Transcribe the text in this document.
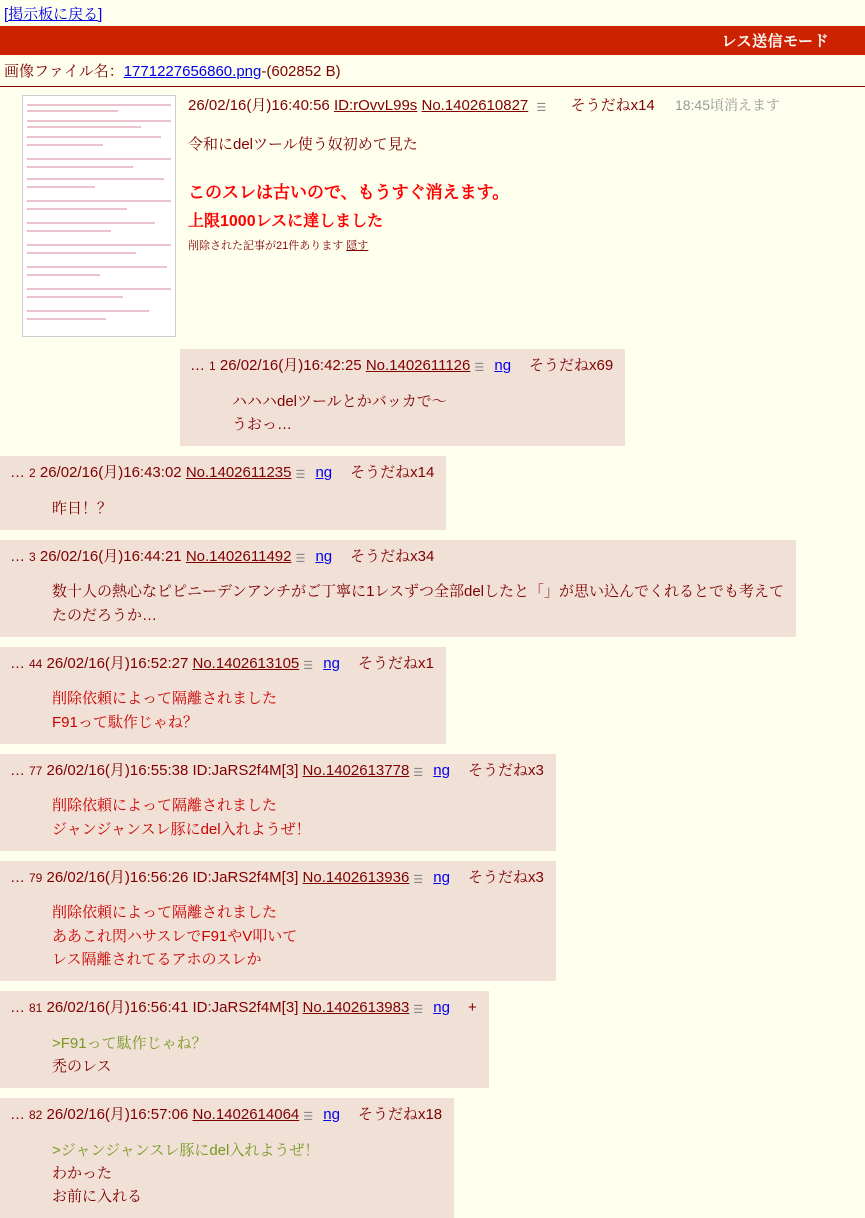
[掲示板に戻る]
レス送信モード
画像ファイル名：1771227656860.png-(602852 B)
26/02/16(月)16:40:56 ID:rOvvL99s No.1402610827 ☰ そうだねx14 18:45頃消えます
令和にdelツール使う奴初めて見た
このスレは古いので、もうすぐ消えます。
上限1000レスに達しました
削除された記事が21件あります 隠す
… 1 26/02/16(月)16:42:25 No.1402611126 ☰ ng そうだねx69
ハハハdelツールとかバッカで～
うおっ…
… 2 26/02/16(月)16:43:02 No.1402611235 ☰ ng そうだねx14
昨日！？
… 3 26/02/16(月)16:44:21 No.1402611492 ☰ ng そうだねx34
数十人の熱心なピピニーデンアンチがご丁寧に1レスずつ全部delしたと「」が思い込んでくれるとでも考えて
たのだろうか…
… 44 26/02/16(月)16:52:27 No.1402613105 ☰ ng そうだねx1
削除依頼によって隔離されました
F91って駄作じゃね？
… 77 26/02/16(月)16:55:38 ID:JaRS2f4M[3] No.1402613778 ☰ ng そうだねx3
削除依頼によって隔離されました
ジャンジャンスレ豚にdel入れようぜ！
… 79 26/02/16(月)16:56:26 ID:JaRS2f4M[3] No.1402613936 ☰ ng そうだねx3
削除依頼によって隔離されました
ああこれ閃ハサスレでF91やV叩いて
レス隔離されてるアホのスレか
… 81 26/02/16(月)16:56:41 ID:JaRS2f4M[3] No.1402613983 ☰ ng +
>F91って駄作じゃね？
禿のレス
… 82 26/02/16(月)16:57:06 No.1402614064 ☰ ng そうだねx18
>ジャンジャンスレ豚にdel入れようぜ！
わかった
お前に入れる
